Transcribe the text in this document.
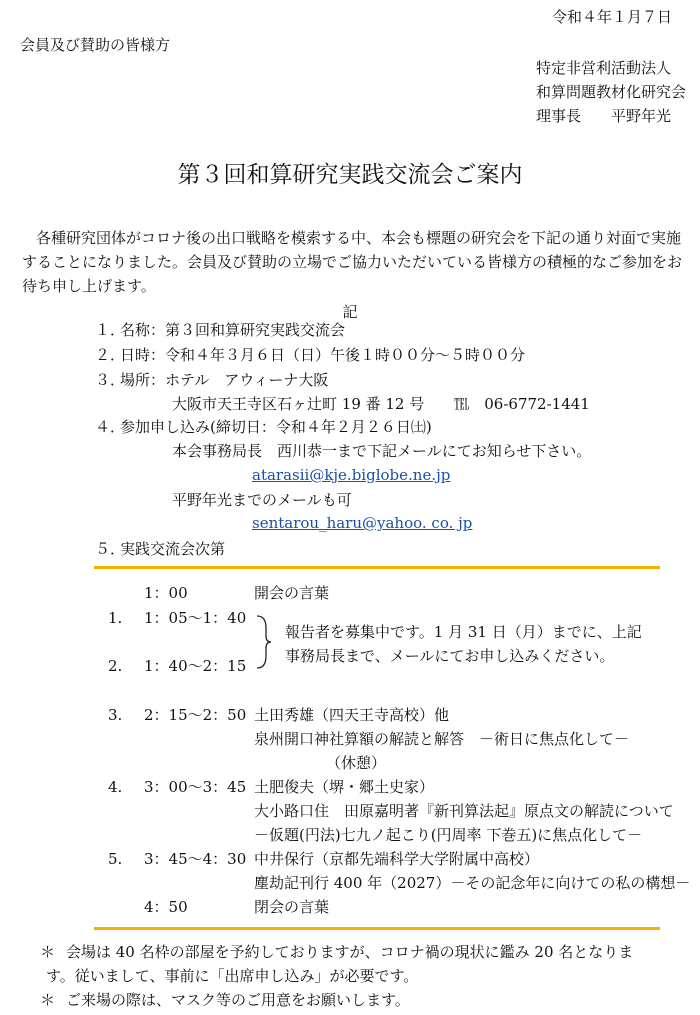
令和４年１月７日
会員及び賛助の皆様方
特定非営利活動法人
和算問題教材化研究会
理事長　　平野年光
第３回和算研究実践交流会ご案内
各種研究団体がコロナ後の出口戦略を模索する中、本会も標題の研究会を下記の通り対面で実施することになりました。会員及び賛助の立場でご協力いただいている皆様方の積極的なご参加をお待ち申し上げます。
記
１．
名称：第３回和算研究実践交流会
２．
日時：令和４年３月６日（日）午後１時００分～５時００分
３．
場所：ホテル　アウィーナ大阪
大阪市天王寺区石ヶ辻町 19 番 12 号　　℡　06-6772-1441
４．
参加申し込み(締切日：令和４年２月２６日㈯)
本会事務局長　西川恭一まで下記メールにてお知らせ下さい。
atarasii@kje.biglobe.ne.jp
平野年光までのメールも可
sentarou_haru@yahoo. co. jp
５．
実践交流会次第
1：00	開会の言葉
1. 1：05～1：40
報告者を募集中です。1 月 31 日（月）までに、上記
事務局長まで、メールにてお申し込みください。
2. 1：40～2：15
3. 2：15～2：50 土田秀雄（四天王寺高校）他
泉州開口神社算額の解読と解答　－術日に焦点化して－
（休憩）
4. 3：00～3：45 土肥俊夫（堺・郷土史家）
大小路口住　田原嘉明著『新刊算法起』原点文の解読について
－仮題(円法)七九ノ起こり(円周率 下巻五)に焦点化して－
5. 3：45～4：30 中井保行（京都先端科学大学附属中高校）
塵劫記刊行 400 年（2027）－その記念年に向けての私の構想－
4：50	閉会の言葉
＊ 会場は 40 名枠の部屋を予約しておりますが、コロナ禍の現状に鑑み 20 名となりま
す。従いまして、事前に「出席申し込み」が必要です。
＊ ご来場の際は、マスク等のご用意をお願いします。
